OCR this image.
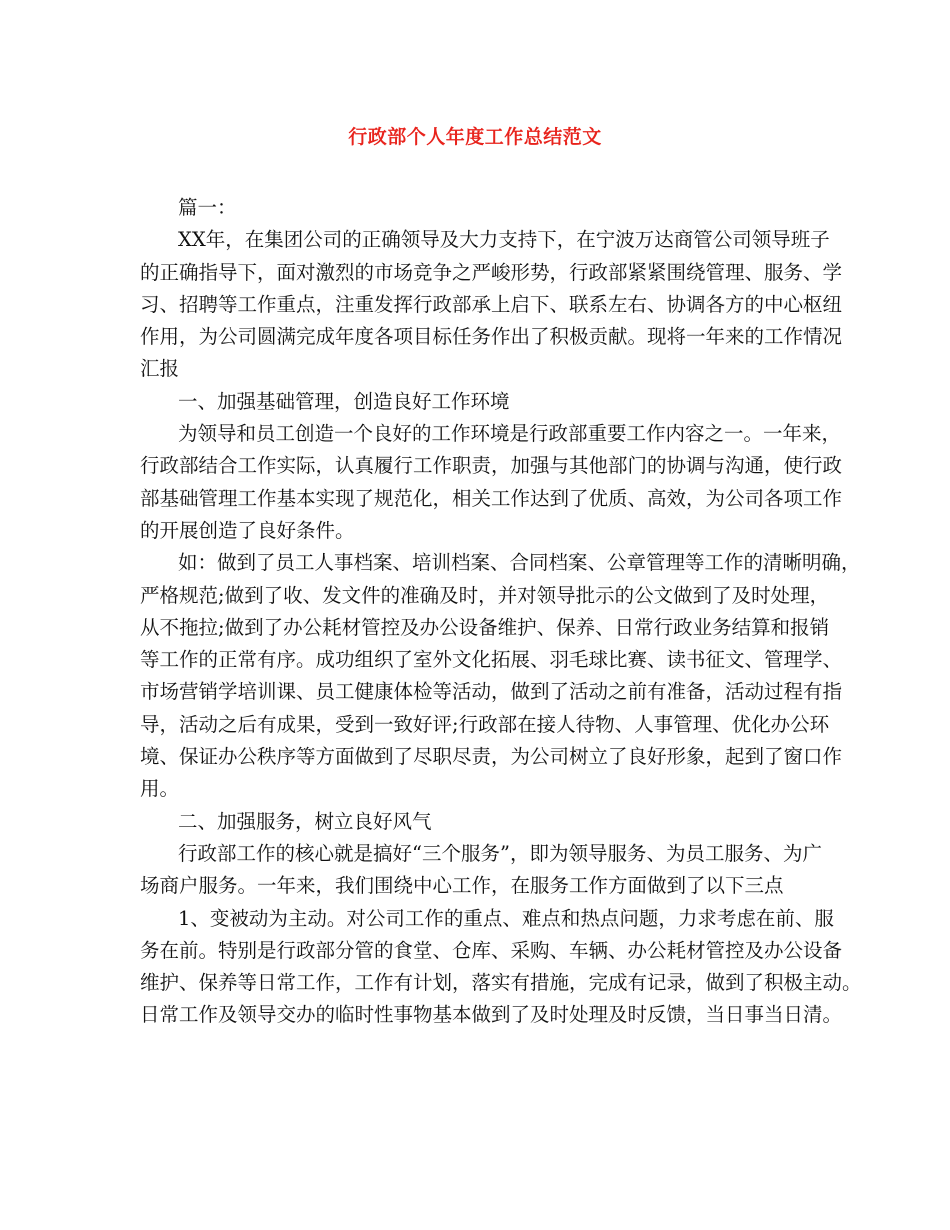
行政部个人年度工作总结范文
篇一：
XX年，在集团公司的正确领导及大力支持下，在宁波万达商管公司领导班子
的正确指导下，面对激烈的市场竞争之严峻形势，行政部紧紧围绕管理、服务、学
习、招聘等工作重点，注重发挥行政部承上启下、联系左右、协调各方的中心枢纽
作用，为公司圆满完成年度各项目标任务作出了积极贡献。现将一年来的工作情况
汇报
一、加强基础管理，创造良好工作环境
为领导和员工创造一个良好的工作环境是行政部重要工作内容之一。一年来，
行政部结合工作实际，认真履行工作职责，加强与其他部门的协调与沟通，使行政
部基础管理工作基本实现了规范化，相关工作达到了优质、高效，为公司各项工作
的开展创造了良好条件。
如：做到了员工人事档案、培训档案、合同档案、公章管理等工作的清晰明确，
严格规范;做到了收、发文件的准确及时，并对领导批示的公文做到了及时处理，
从不拖拉;做到了办公耗材管控及办公设备维护、保养、日常行政业务结算和报销
等工作的正常有序。成功组织了室外文化拓展、羽毛球比赛、读书征文、管理学、
市场营销学培训课、员工健康体检等活动，做到了活动之前有准备，活动过程有指
导，活动之后有成果，受到一致好评;行政部在接人待物、人事管理、优化办公环
境、保证办公秩序等方面做到了尽职尽责，为公司树立了良好形象，起到了窗口作
用。
二、加强服务，树立良好风气
行政部工作的核心就是搞好“三个服务”，即为领导服务、为员工服务、为广
场商户服务。一年来，我们围绕中心工作，在服务工作方面做到了以下三点
1、变被动为主动。对公司工作的重点、难点和热点问题，力求考虑在前、服
务在前。特别是行政部分管的食堂、仓库、采购、车辆、办公耗材管控及办公设备
维护、保养等日常工作，工作有计划，落实有措施，完成有记录，做到了积极主动。
日常工作及领导交办的临时性事物基本做到了及时处理及时反馈，当日事当日清。
